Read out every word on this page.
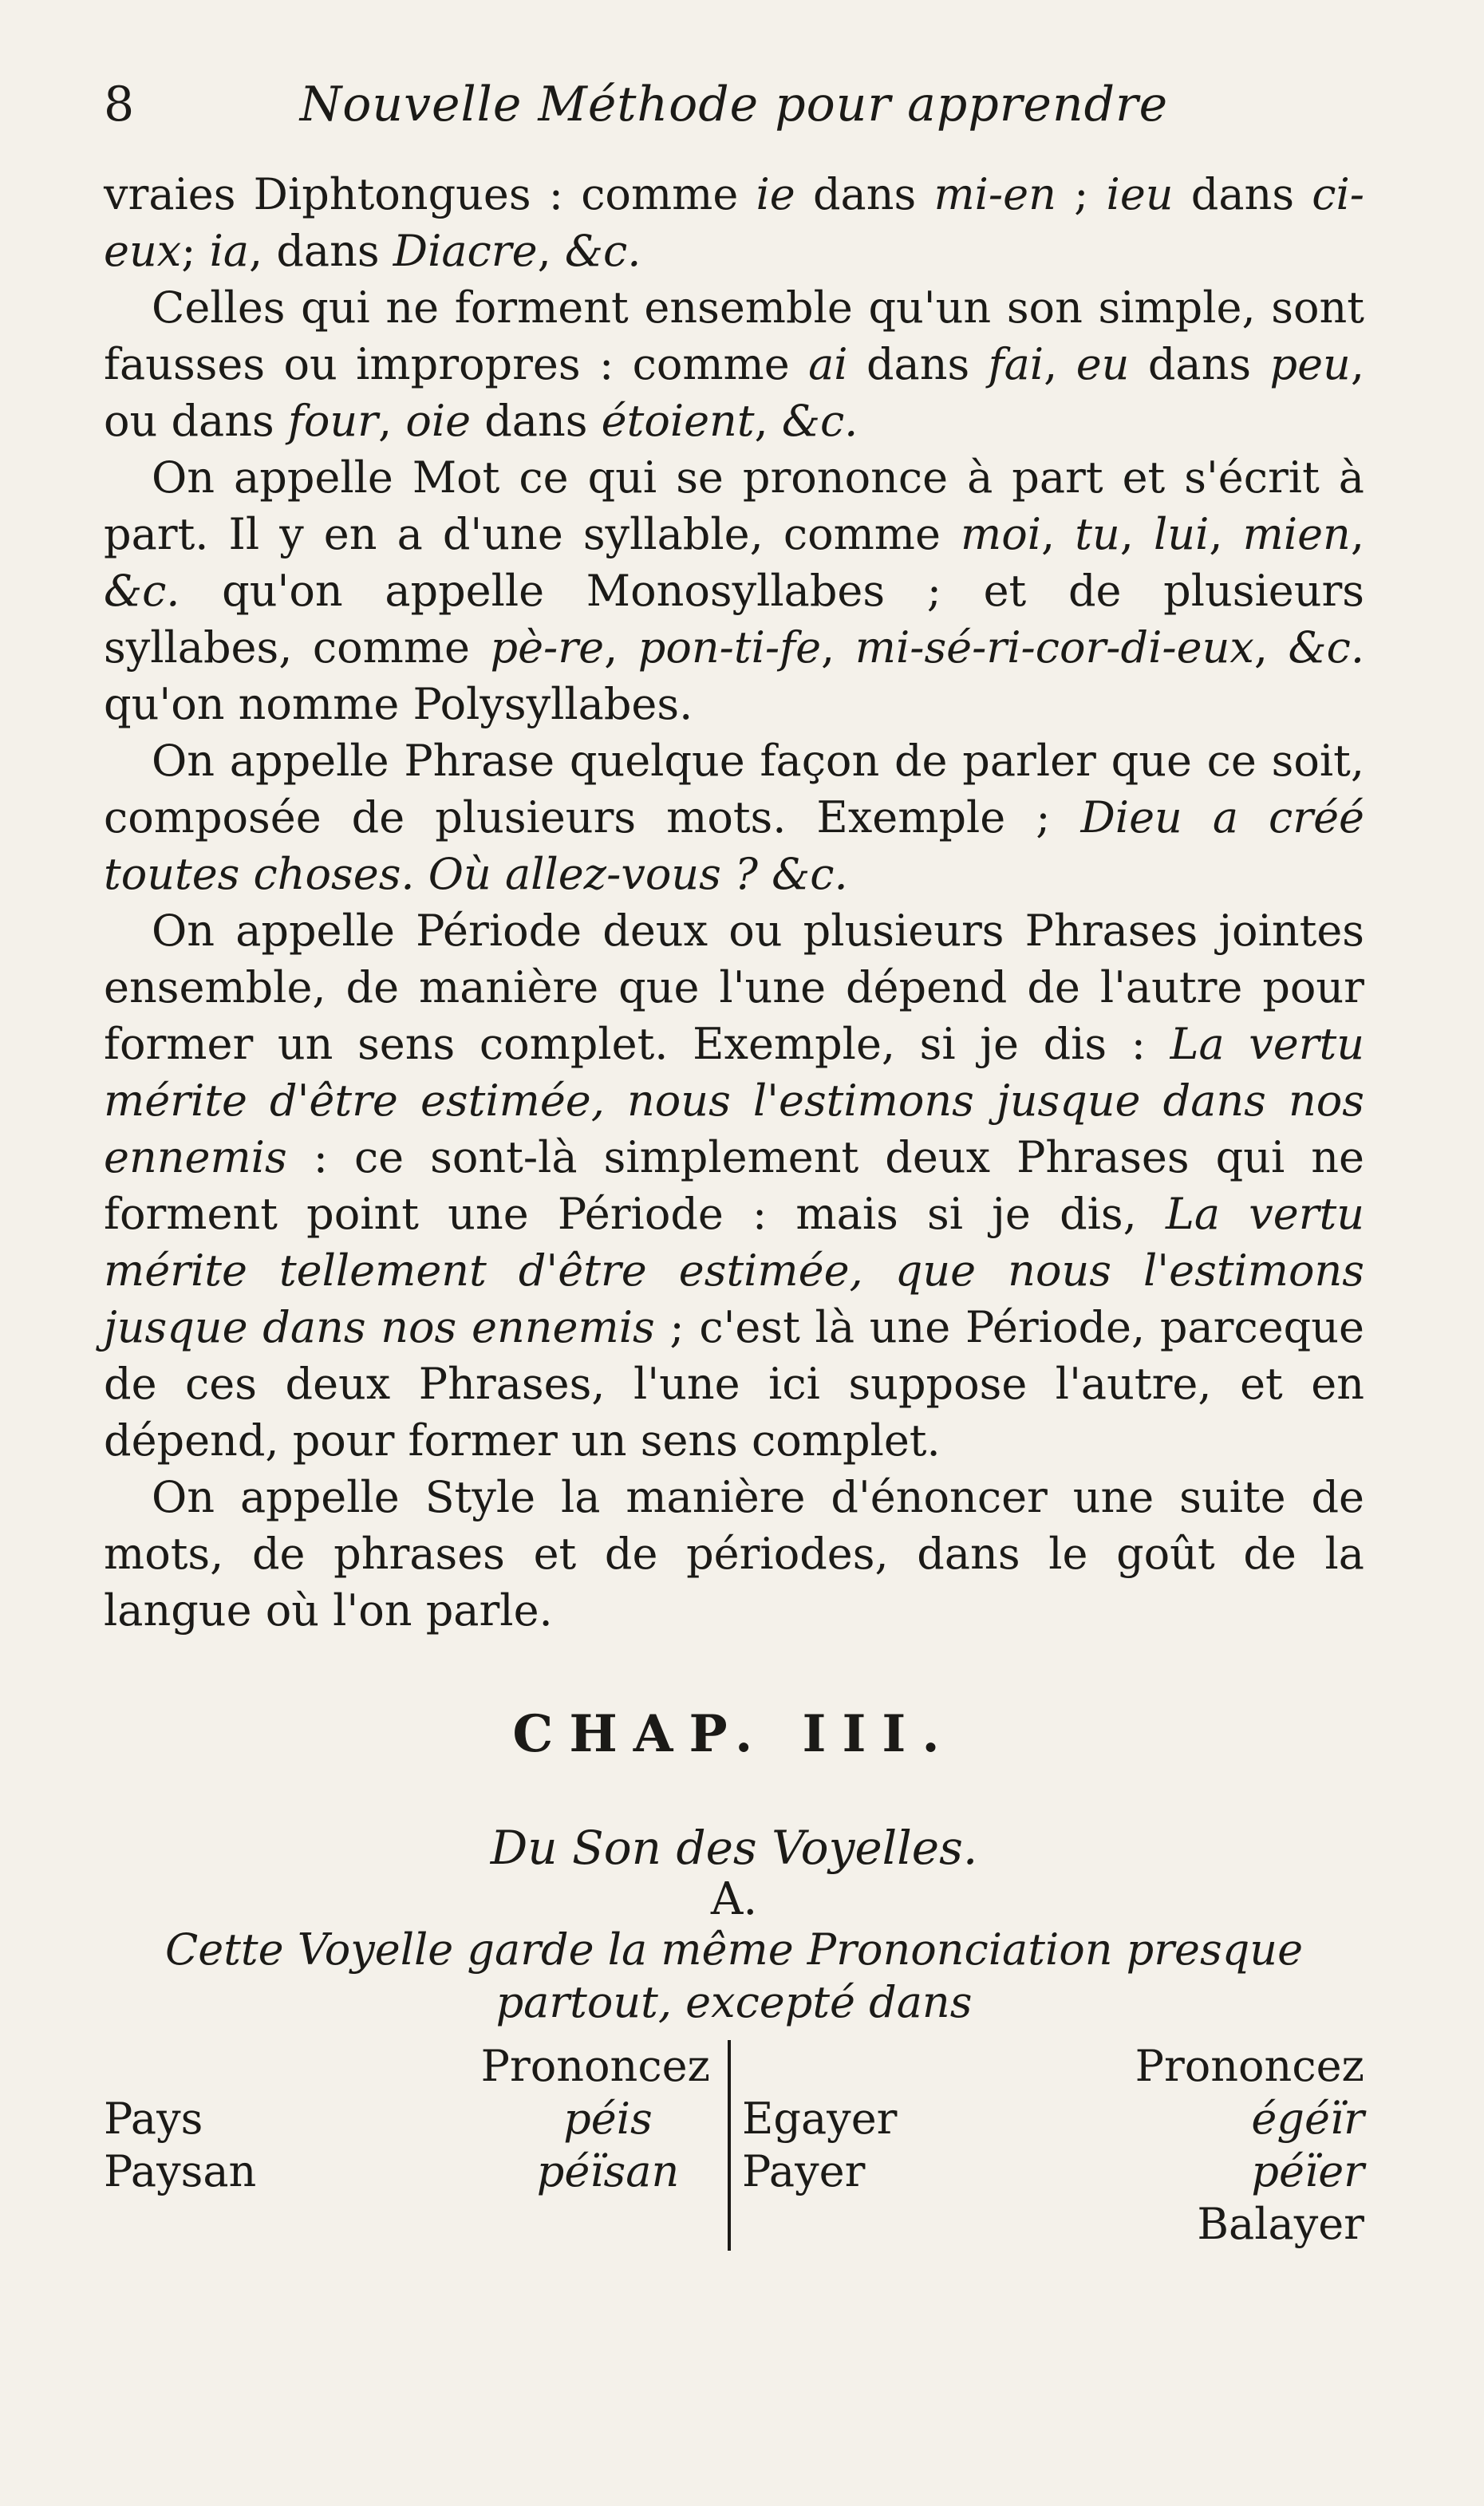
8	Nouvelle Méthode pour apprendre

vraies Diphtongues : comme ie dans mi-en ; ieu dans ci-eux; ia, dans Diacre, &c.

Celles qui ne forment ensemble qu'un son simple, sont fausses ou impropres : comme ai dans fai, eu dans peu, ou dans four, oie dans étoient, &c.

On appelle Mot ce qui se prononce à part et s'écrit à part. Il y en a d'une syllable, comme moi, tu, lui, mien, &c. qu'on appelle Monosyllabes ; et de plusieurs syllabes, comme pè-re, pon-ti-fe, mi-sé-ri-cor-di-eux, &c. qu'on nomme Polysyllabes.

On appelle Phrase quelque façon de parler que ce soit, composée de plusieurs mots. Exemple ; Dieu a créé toutes choses. Où allez-vous ? &c.

On appelle Période deux ou plusieurs Phrases jointes ensemble, de manière que l'une dépend de l'autre pour former un sens complet. Exemple, si je dis : La vertu mérite d'être estimée, nous l'estimons jusque dans nos ennemis : ce sont-là simplement deux Phrases qui ne forment point une Période : mais si je dis, La vertu mérite tellement d'être estimée, que nous l'estimons jusque dans nos ennemis ; c'est là une Période, parceque de ces deux Phrases, l'une ici suppose l'autre, et en dépend, pour former un sens complet.

On appelle Style la manière d'énoncer une suite de mots, de phrases et de périodes, dans le goût de la langue où l'on parle.

CHAP. III.
Du Son des Voyelles.
A.
Cette Voyelle garde la même Prononciation presque partout, excepté dans
Prononcez
Pays	péis
Paysan	péïsan
Prononcez
Egayer	égéïr
Payer	péïer
Balayer
